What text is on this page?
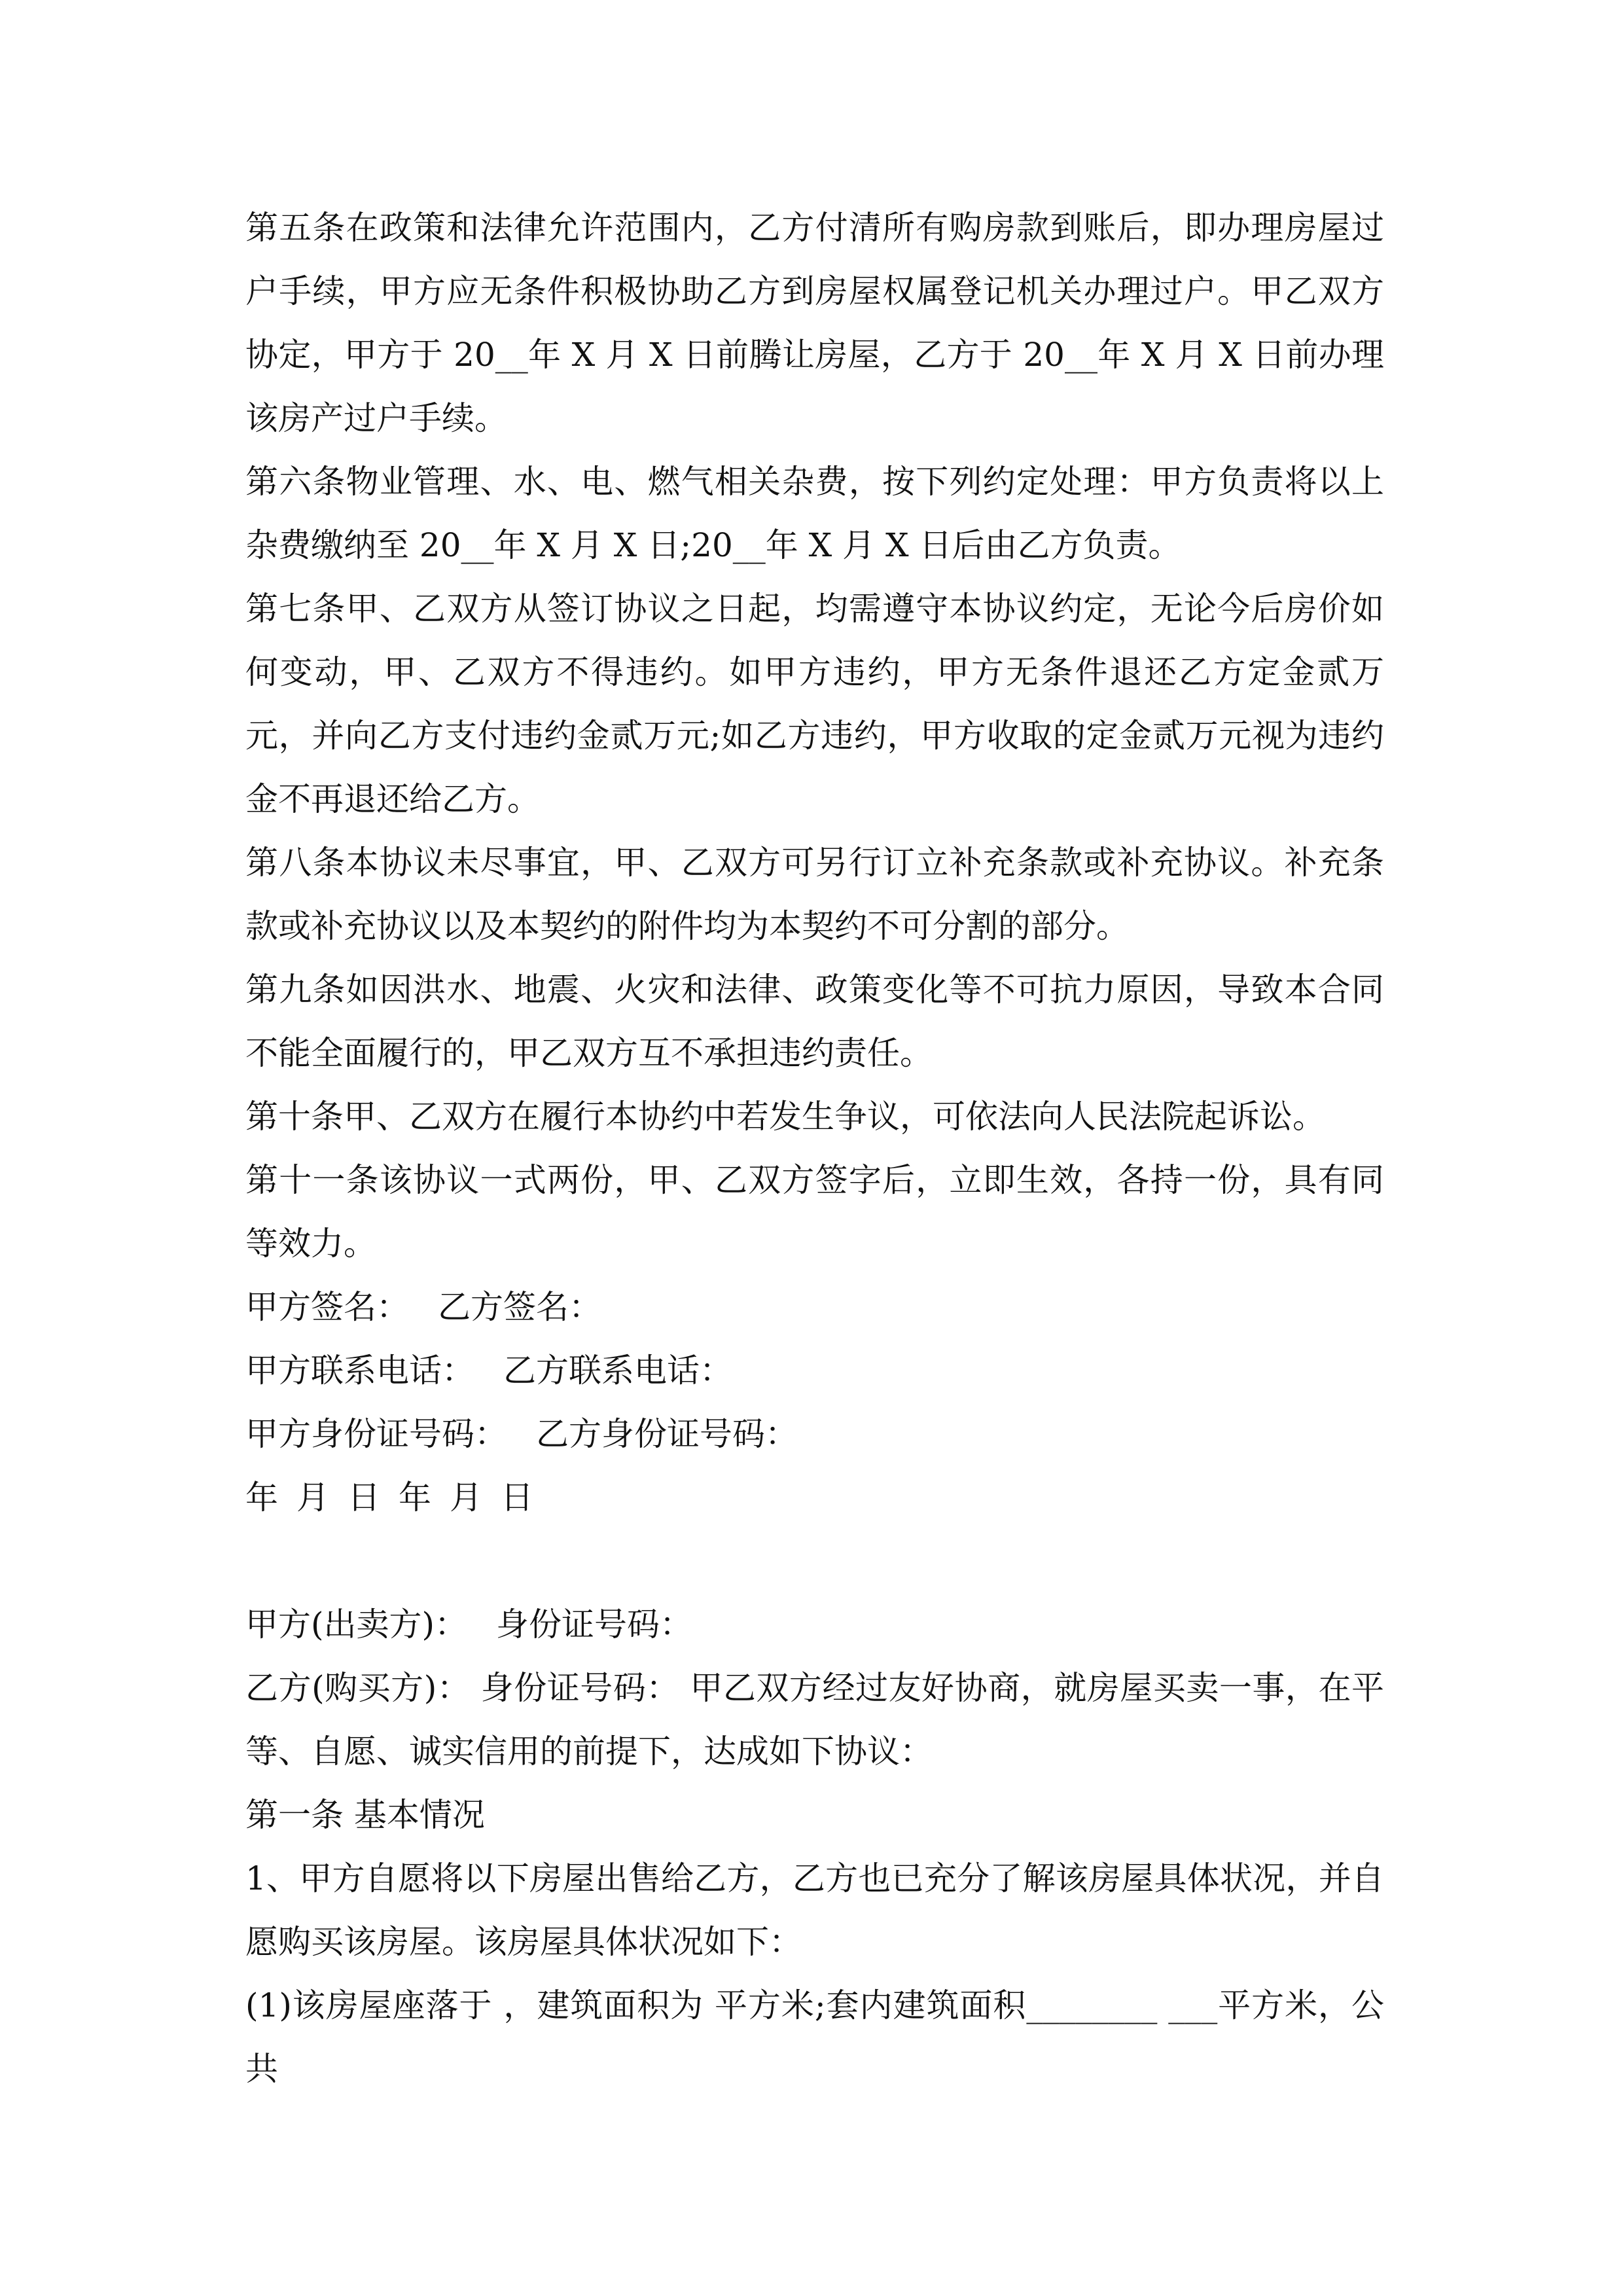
第五条在政策和法律允许范围内，乙方付清所有购房款到账后，即办理房屋过户手续，甲方应无条件积极协助乙方到房屋权属登记机关办理过户。甲乙双方协定，甲方于 20__年 X 月 X 日前腾让房屋，乙方于 20__年 X 月 X 日前办理该房产过户手续。

第六条物业管理、水、电、燃气相关杂费，按下列约定处理：甲方负责将以上杂费缴纳至 20__年 X 月 X 日;20__年 X 月 X 日后由乙方负责。

第七条甲、乙双方从签订协议之日起，均需遵守本协议约定，无论今后房价如何变动，甲、乙双方不得违约。如甲方违约，甲方无条件退还乙方定金贰万元，并向乙方支付违约金贰万元;如乙方违约，甲方收取的定金贰万元视为违约金不再退还给乙方。

第八条本协议未尽事宜，甲、乙双方可另行订立补充条款或补充协议。补充条款或补充协议以及本契约的附件均为本契约不可分割的部分。

第九条如因洪水、地震、火灾和法律、政策变化等不可抗力原因，导致本合同不能全面履行的，甲乙双方互不承担违约责任。

第十条甲、乙双方在履行本协约中若发生争议，可依法向人民法院起诉讼。

第十一条该协议一式两份，甲、乙双方签字后，立即生效，各持一份，具有同等效力。

甲方签名： 乙方签名：

甲方联系电话： 乙方联系电话：

甲方身份证号码： 乙方身份证号码：

年 月 日 年 月 日

甲方(出卖方)： 身份证号码：

乙方(购买方)： 身份证号码： 甲乙双方经过友好协商，就房屋买卖一事，在平等、自愿、诚实信用的前提下，达成如下协议：

第一条 基本情况

1、甲方自愿将以下房屋出售给乙方，乙方也已充分了解该房屋具体状况，并自愿购买该房屋。该房屋具体状况如下：

(1)该房屋座落于 ，建筑面积为 平方米;套内建筑面积________ ___平方米，公共
